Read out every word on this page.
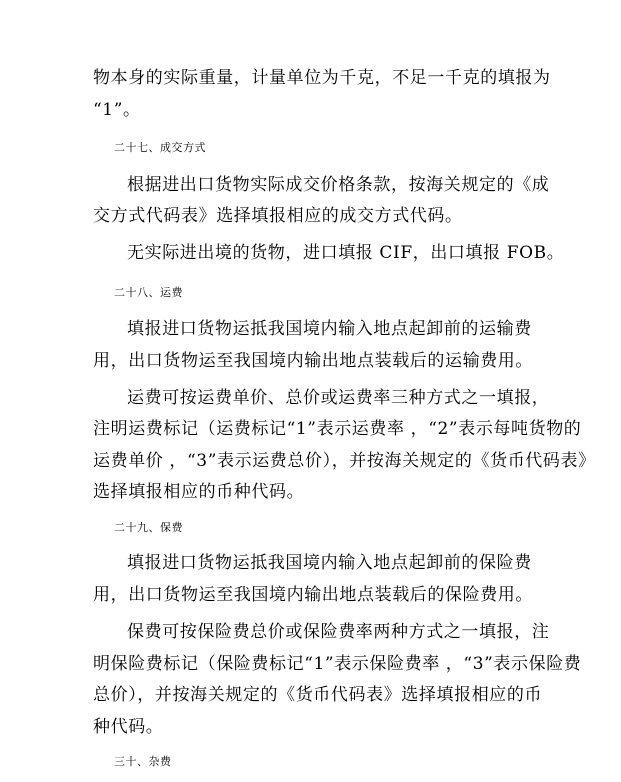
物本身的实际重量，计量单位为千克，不足一千克的填报为
“1”。
二十七、成交方式
根据进出口货物实际成交价格条款，按海关规定的《成
交方式代码表》选择填报相应的成交方式代码。
无实际进出境的货物，进口填报 CIF，出口填报 FOB。
二十八、运费
填报进口货物运抵我国境内输入地点起卸前的运输费
用，出口货物运至我国境内输出地点装载后的运输费用。
运费可按运费单价、总价或运费率三种方式之一填报，
注明运费标记（运费标记“1”表示运费率 ，“2”表示每吨货物的
运费单价 ，“3”表示运费总价），并按海关规定的《货币代码表》
选择填报相应的币种代码。
二十九、保费
填报进口货物运抵我国境内输入地点起卸前的保险费
用，出口货物运至我国境内输出地点装载后的保险费用。
保费可按保险费总价或保险费率两种方式之一填报，注
明保险费标记（保险费标记“1”表示保险费率 ，“3”表示保险费
总价），并按海关规定的《货币代码表》选择填报相应的币
种代码。
三十、杂费
